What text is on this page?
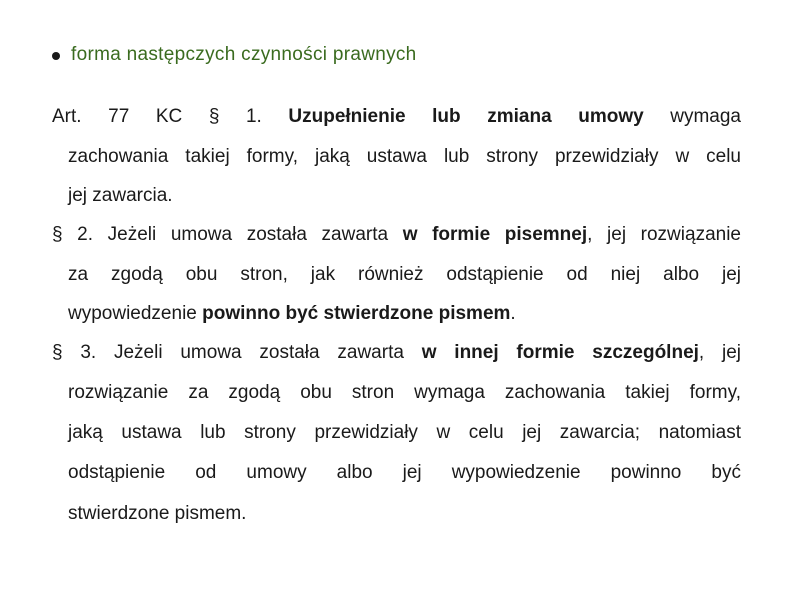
forma następczych czynności prawnych
Art. 77 KC § 1. Uzupełnienie lub zmiana umowy wymaga
zachowania takiej formy, jaką ustawa lub strony przewidziały w celu
jej zawarcia.
§ 2. Jeżeli umowa została zawarta w formie pisemnej, jej rozwiązanie
za zgodą obu stron, jak również odstąpienie od niej albo jej
wypowiedzenie powinno być stwierdzone pismem.
§ 3. Jeżeli umowa została zawarta w innej formie szczególnej, jej
rozwiązanie za zgodą obu stron wymaga zachowania takiej formy,
jaką ustawa lub strony przewidziały w celu jej zawarcia; natomiast
odstąpienie od umowy albo jej wypowiedzenie powinno być
stwierdzone pismem.
